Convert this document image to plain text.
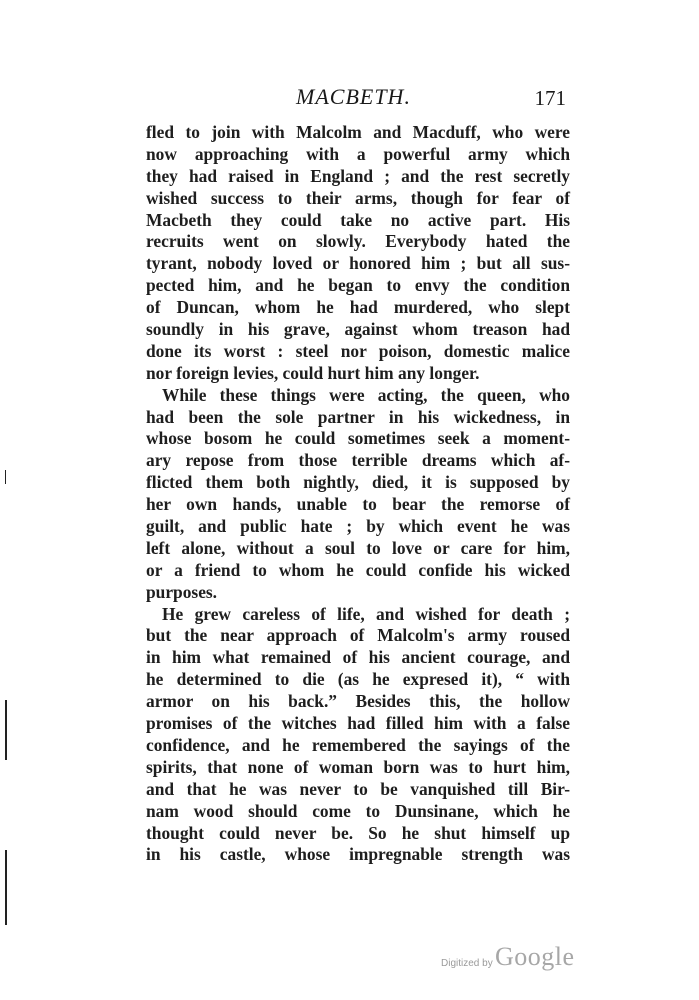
MACBETH.	171
fled to join with Malcolm and Macduff, who were
now approaching with a powerful army which
they had raised in England ; and the rest secretly
wished success to their arms, though for fear of
Macbeth they could take no active part. His
recruits went on slowly. Everybody hated the
tyrant, nobody loved or honored him ; but all sus-
pected him, and he began to envy the condition
of Duncan, whom he had murdered, who slept
soundly in his grave, against whom treason had
done its worst : steel nor poison, domestic malice
nor foreign levies, could hurt him any longer.
While these things were acting, the queen, who
had been the sole partner in his wickedness, in
whose bosom he could sometimes seek a moment-
ary repose from those terrible dreams which af-
flicted them both nightly, died, it is supposed by
her own hands, unable to bear the remorse of
guilt, and public hate ; by which event he was
left alone, without a soul to love or care for him,
or a friend to whom he could confide his wicked
purposes.
He grew careless of life, and wished for death ;
but the near approach of Malcolm's army roused
in him what remained of his ancient courage, and
he determined to die (as he expresed it), “ with
armor on his back.” Besides this, the hollow
promises of the witches had filled him with a false
confidence, and he remembered the sayings of the
spirits, that none of woman born was to hurt him,
and that he was never to be vanquished till Bir-
nam wood should come to Dunsinane, which he
thought could never be. So he shut himself up
in his castle, whose impregnable strength was
Digitized by Google
